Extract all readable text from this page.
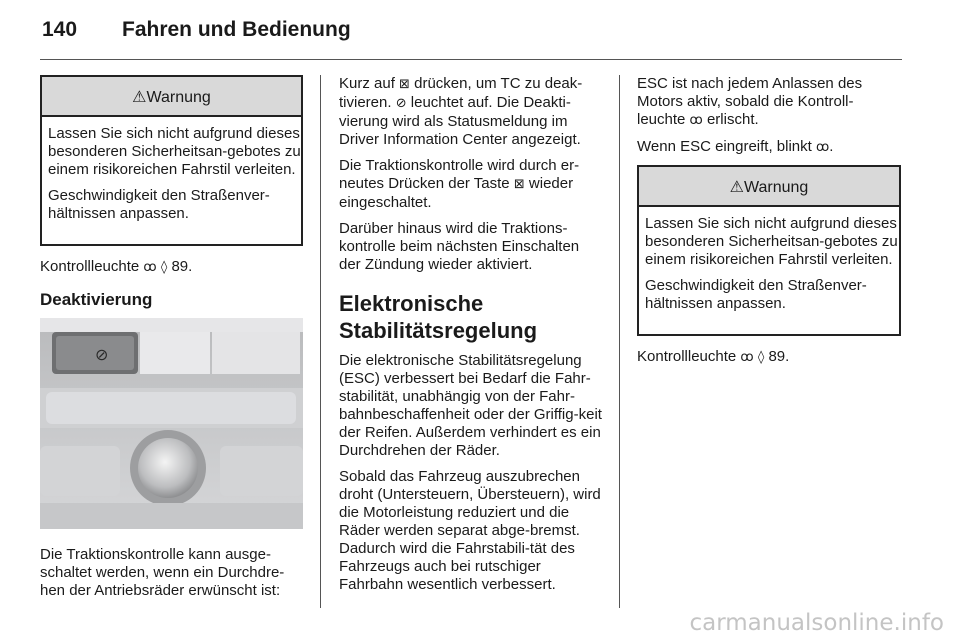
140 Fahren und Bedienung
⚠Warnung

Lassen Sie sich nicht aufgrund dieses besonderen Sicherheitsan-gebotes zu einem risikoreichen Fahrstil verleiten.

Geschwindigkeit den Straßenver-hältnissen anpassen.

Kontrollleuchte ꝏ ◊ 89.

Deaktivierung

⊘

Die Traktionskontrolle kann ausge-schaltet werden, wenn ein Durchdre-hen der Antriebsräder erwünscht ist:

Kurz auf ⊠ drücken, um TC zu deak-tivieren. ⊘ leuchtet auf. Die Deakti-vierung wird als Statusmeldung im Driver Information Center angezeigt.

Die Traktionskontrolle wird durch er-neutes Drücken der Taste ⊠ wieder eingeschaltet.

Darüber hinaus wird die Traktions-kontrolle beim nächsten Einschalten der Zündung wieder aktiviert.

Elektronische
Stabilitätsregelung

Die elektronische Stabilitätsregelung (ESC) verbessert bei Bedarf die Fahr-stabilität, unabhängig von der Fahr-bahnbeschaffenheit oder der Griffig-keit der Reifen. Außerdem verhindert es ein Durchdrehen der Räder.

Sobald das Fahrzeug auszubrechen droht (Untersteuern, Übersteuern), wird die Motorleistung reduziert und die Räder werden separat abge-bremst. Dadurch wird die Fahrstabili-tät des Fahrzeugs auch bei rutschiger Fahrbahn wesentlich verbessert.

ESC ist nach jedem Anlassen des Motors aktiv, sobald die Kontroll-leuchte ꝏ erlischt.

Wenn ESC eingreift, blinkt ꝏ.

⚠Warnung

Lassen Sie sich nicht aufgrund dieses besonderen Sicherheitsan-gebotes zu einem risikoreichen Fahrstil verleiten.

Geschwindigkeit den Straßenver-hältnissen anpassen.

Kontrollleuchte ꝏ ◊ 89.

carmanualsonline.info
